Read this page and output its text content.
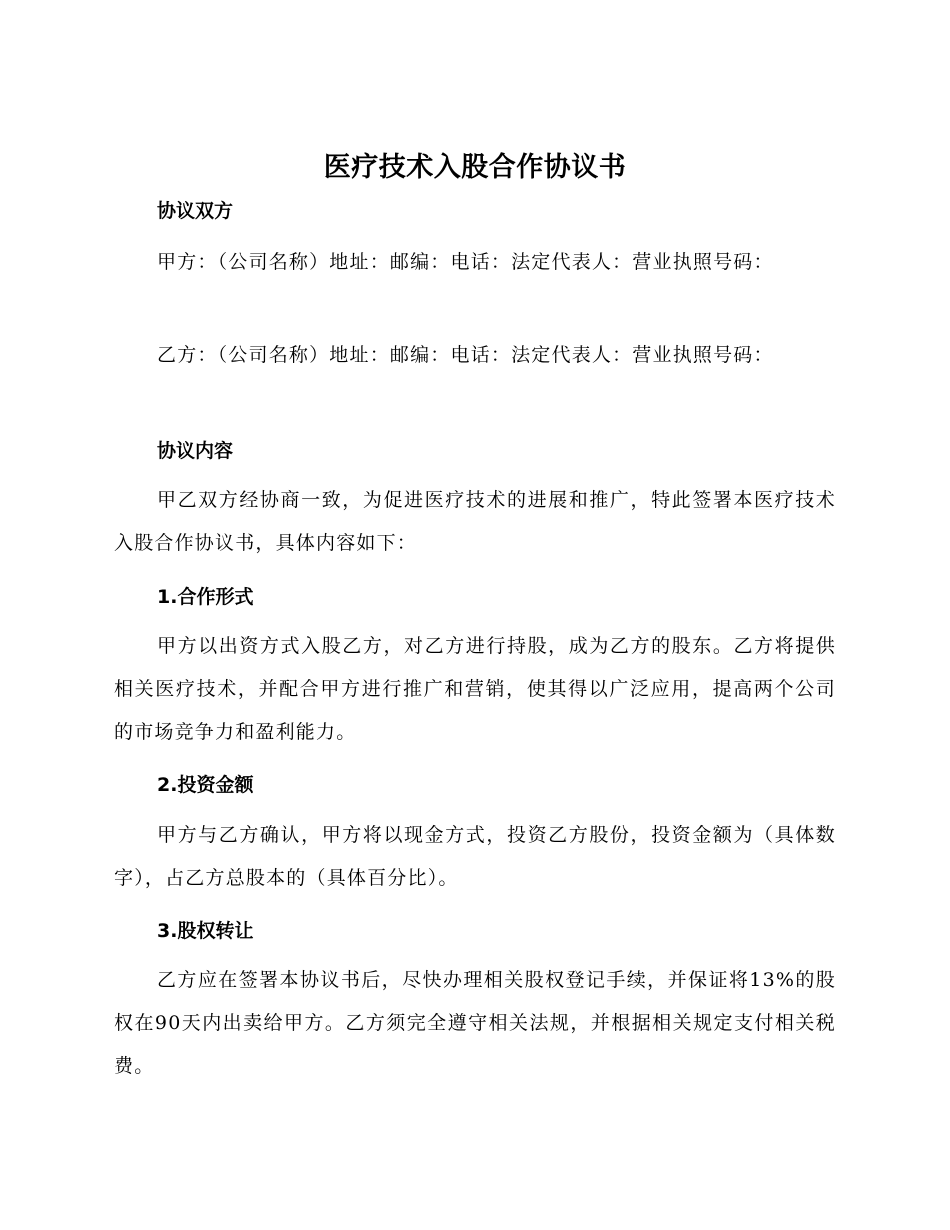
医疗技术入股合作协议书
协议双方
甲方：（公司名称）地址：邮编：电话：法定代表人：营业执照号码：
乙方：（公司名称）地址：邮编：电话：法定代表人：营业执照号码：
协议内容
甲乙双方经协商一致，为促进医疗技术的进展和推广，特此签署本医疗技术入股合作协议书，具体内容如下：
1.合作形式
甲方以出资方式入股乙方，对乙方进行持股，成为乙方的股东。乙方将提供相关医疗技术，并配合甲方进行推广和营销，使其得以广泛应用，提高两个公司的市场竞争力和盈利能力。
2.投资金额
甲方与乙方确认，甲方将以现金方式，投资乙方股份，投资金额为（具体数字），占乙方总股本的（具体百分比）。
3.股权转让
乙方应在签署本协议书后，尽快办理相关股权登记手续，并保证将13%的股权在90天内出卖给甲方。乙方须完全遵守相关法规，并根据相关规定支付相关税费。
